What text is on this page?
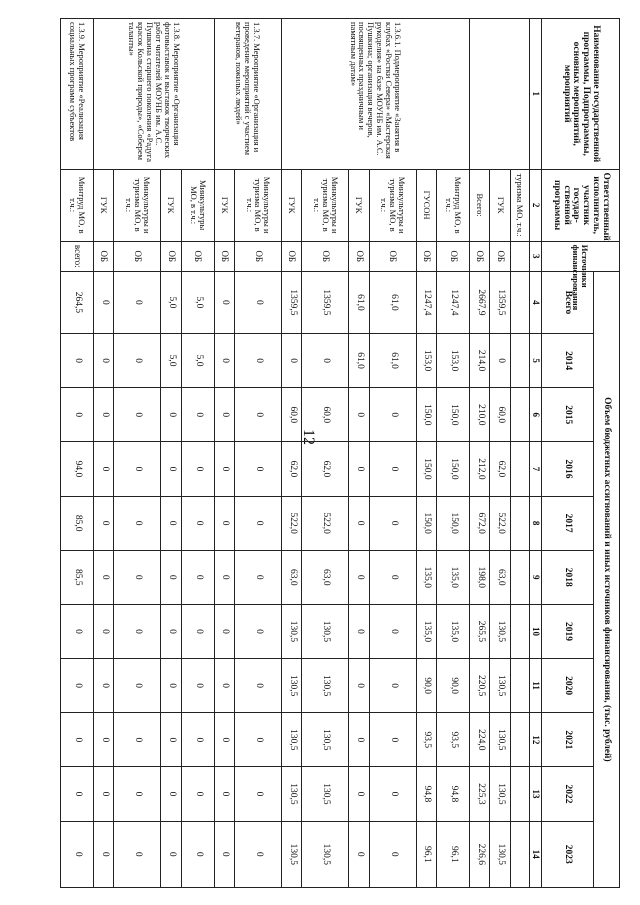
12
Наименование государственной программы, Подпрограммы, основных мероприятий, мероприятий	Ответственный исполнитель, участник государ-ственной программы	Источники финансирования	Объем бюджетных ассигнований и иных источников финансирования, (тыс. рублей)										
			Всего	2014	2015	2016	2017	2018	2019	2020	2021	2022	2023
1	2	3	4	5	6	7	8	9	10	11	12	13	14
	туризма МО, т.ч.:												
	ГУК	ОБ	1359,5	0	60,0	62,0	522,0	63,0	130,5	130,5	130,5	130,5	130,5
	Всего:	ОБ	2667,9	214,0	210,0	212,0	672,0	198,0	265,5	220,5	224,0	225,3	226,6
1.3.6.1. Подмероприятие «Занятия в клубах «Ростки Севера» «Мастерская рукоделия» на базе МОУНБ им. А.С. Пушкина; организация вечеров, посвященных праздничным и памятным датам»	Минтруд МО, в т.ч.:	ОБ	1247,4	153,0	150,0	150,0	150,0	135,0	135,0	90,0	93,5	94,8	96,1
	ГУСОН	ОБ	1247,4	153,0	150,0	150,0	150,0	135,0	135,0	90,0	93,5	94,8	96,1
	Минкультуры и туризма МО, в т.ч.:	ОБ	61,0	61,0	0	0	0	0	0	0	0	0	0
	ГУК	ОБ	61,0	61,0	0	0	0	0	0	0	0	0	0
	Минкультуры и туризма МО, в т.ч.:	ОБ	1359,5	0	60,0	62,0	522,0	63,0	130,5	130,5	130,5	130,5	130,5
	ГУК	ОБ	1359,5	0	60,0	62,0	522,0	63,0	130,5	130,5	130,5	130,5	130,5
1.3.7. Мероприятие «Организация и проведение мероприятий с участием ветеранов, пожилых людей»	Минкультуры и туризма МО, в т.ч.:	ОБ	0	0	0	0	0	0	0	0	0	0	0
	ГУК	ОБ	0	0	0	0	0	0	0	0	0	0	0
1.3.8. Мероприятие «Организация фотовыставок и выставок творческих работ читателей МОУНБ им. А.С. Пушкина старшего поколения «Радуга красок Кольской природы», «Соберем таланты»	Минкультуры МО, в т.ч.:	ОБ	5,0	5,0	0	0	0	0	0	0	0	0	0
	ГУК	ОБ	5,0	5,0	0	0	0	0	0	0	0	0	0
	Минкультуры и туризма МО, в т.ч.:	ОБ	0	0	0	0	0	0	0	0	0	0	0
	ГУК	ОБ	0	0	0	0	0	0	0	0	0	0	0
1.3.9. Мероприятие «Реализация социальных программ субъектов	Минтруд МО, в т.ч.:	всего:	264,5	0	0	94,0	85,0	85,5	0	0	0	0	0
